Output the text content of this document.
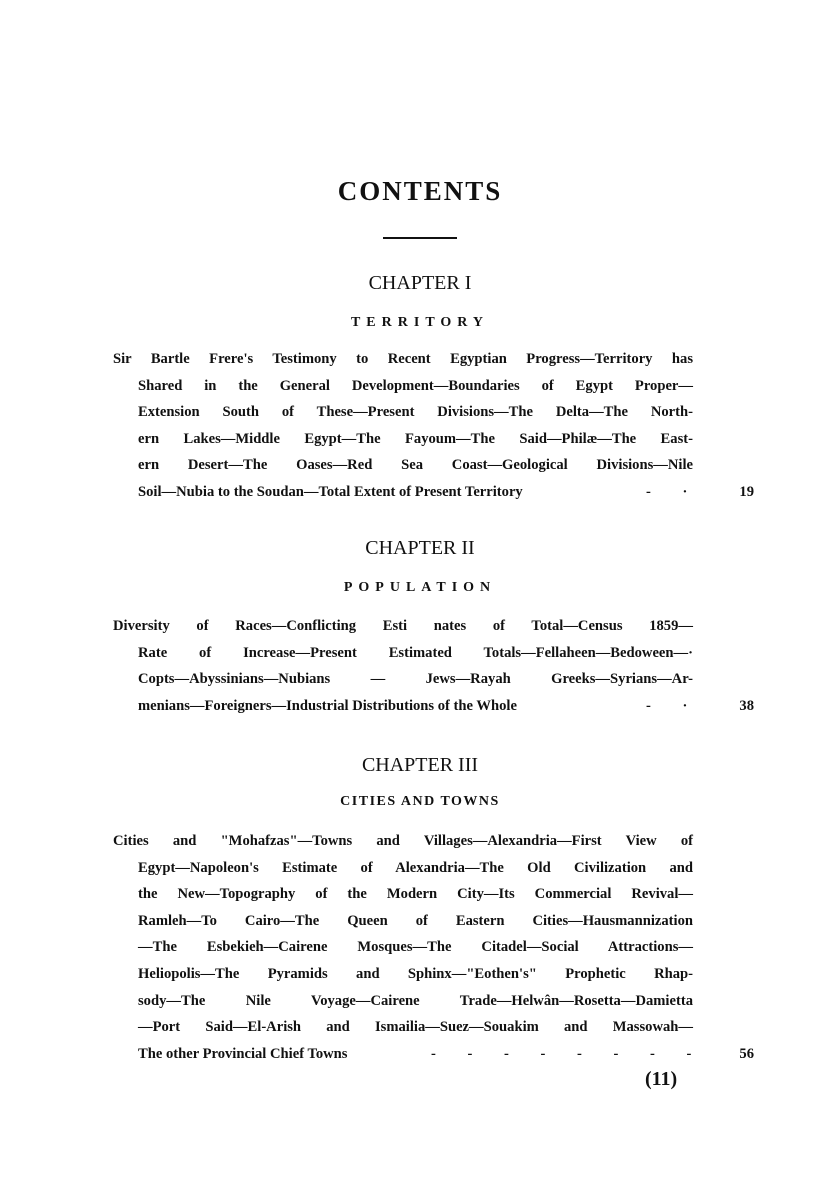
CONTENTS
CHAPTER I
TERRITORY
Sir Bartle Frere's Testimony to Recent Egyptian Progress—Territory has
Shared in the General Development—Boundaries of Egypt Proper—
Extension South of These—Present Divisions—The Delta—The North-
ern Lakes—Middle Egypt—The Fayoum—The Said—Philæ—The East-
ern Desert—The Oases—Red Sea Coast—Geological Divisions—Nile
Soil—Nubia to the Soudan—Total Extent of Present Territory	- ·	19
CHAPTER II
POPULATION
Diversity of Races—Conflicting Esti nates of Total—Census 1859—
Rate of Increase—Present Estimated Totals—Fellaheen—Bedoween—·
Copts—Abyssinians—Nubians — Jews—Rayah Greeks—Syrians—Ar-
menians—Foreigners—Industrial Distributions of the Whole	- ·	38
CHAPTER III
CITIES AND TOWNS
Cities and "Mohafzas"—Towns and Villages—Alexandria—First View of
Egypt—Napoleon's Estimate of Alexandria—The Old Civilization and
the New—Topography of the Modern City—Its Commercial Revival—
Ramleh—To Cairo—The Queen of Eastern Cities—Hausmannization
—The Esbekieh—Cairene Mosques—The Citadel—Social Attractions—
Heliopolis—The Pyramids and Sphinx—"Eothen's" Prophetic Rhap-
sody—The Nile Voyage—Cairene Trade—Helwân—Rosetta—Damietta
—Port Said—El-Arish and Ismailia—Suez—Souakim and Massowah—
The other Provincial Chief Towns	- - - - - - - - 56
(11)
